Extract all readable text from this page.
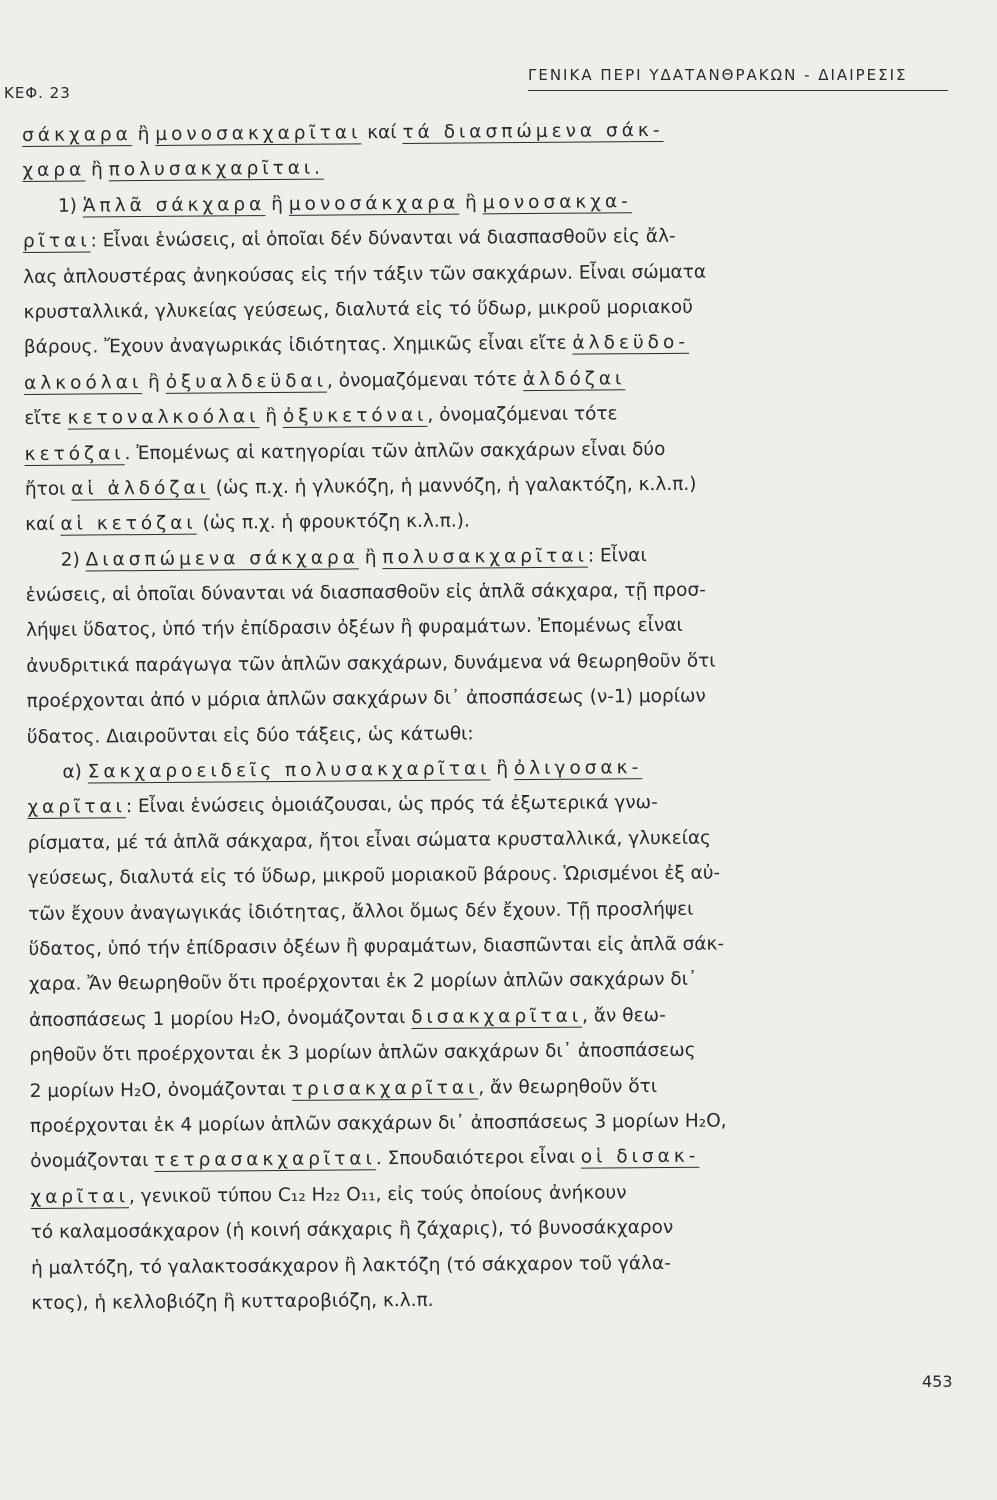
ΚΕΦ. 23
ΓΕΝΙΚΑ ΠΕΡΙ ΥΔΑΤΑΝΘΡΑΚΩΝ - ΔΙΑΙΡΕΣΙΣ
σάκχαρα ἢ μονοσακχαρῖται καί τά διασπώμενα σάκ-
χαρα ἢ πολυσακχαρῖται.
1) Ἁπλᾶ σάκχαρα ἢ μονοσάκχαρα ἢ μονοσακχα-
ρῖται: Εἶναι ἑνώσεις, αἱ ὁποῖαι δέν δύνανται νά διασπασθοῦν εἰς ἄλ-
λας ἁπλουστέρας ἀνηκούσας εἰς τήν τάξιν τῶν σακχάρων. Εἶναι σώματα
κρυσταλλικά, γλυκείας γεύσεως, διαλυτά εἰς τό ὕδωρ, μικροῦ μοριακοῦ
βάρους. Ἔχουν ἀναγωρικάς ἰδιότητας. Χημικῶς εἶναι εἴτε ἀλδεϋδο-
αλκοόλαι ἢ ὀξυαλδεϋδαι, ὀνομαζόμεναι τότε ἀλδόζαι
εἴτε κετοναλκοόλαι ἢ ὀξυκετόναι, ὀνομαζόμεναι τότε
κετόζαι. Ἐπομένως αἱ κατηγορίαι τῶν ἁπλῶν σακχάρων εἶναι δύο
ἤτοι αἱ ἀλδόζαι (ὡς π.χ. ἡ γλυκόζη, ἡ μαννόζη, ἡ γαλακτόζη, κ.λ.π.)
καί αἱ κετόζαι (ὡς π.χ. ἡ φρουκτόζη κ.λ.π.).
2) Διασπώμενα σάκχαρα ἢ πολυσακχαρῖται: Εἶναι
ἑνώσεις, αἱ ὁποῖαι δύνανται νά διασπασθοῦν εἰς ἁπλᾶ σάκχαρα, τῇ προσ-
λήψει ὕδατος, ὑπό τήν ἐπίδρασιν ὀξέων ἢ φυραμάτων. Ἐπομένως εἶναι
ἀνυδριτικά παράγωγα τῶν ἁπλῶν σακχάρων, δυνάμενα νά θεωρηθοῦν ὅτι
προέρχονται ἀπό ν μόρια ἁπλῶν σακχάρων δι᾽ ἀποσπάσεως (ν-1) μορίων
ὕδατος. Διαιροῦνται εἰς δύο τάξεις, ὡς κάτωθι:
α) Σακχαροειδεῖς πολυσακχαρῖται ἢ ὀλιγοσακ-
χαρῖται: Εἶναι ἑνώσεις ὁμοιάζουσαι, ὡς πρός τά ἐξωτερικά γνω-
ρίσματα, μέ τά ἁπλᾶ σάκχαρα, ἤτοι εἶναι σώματα κρυσταλλικά, γλυκείας
γεύσεως, διαλυτά εἰς τό ὕδωρ, μικροῦ μοριακοῦ βάρους. Ὡρισμένοι ἐξ αὐ-
τῶν ἔχουν ἀναγωγικάς ἰδιότητας, ἄλλοι ὅμως δέν ἔχουν. Τῇ προσλήψει
ὕδατος, ὑπό τήν ἐπίδρασιν ὀξέων ἢ φυραμάτων, διασπῶνται εἰς ἁπλᾶ σάκ-
χαρα. Ἄν θεωρηθοῦν ὅτι προέρχονται ἐκ 2 μορίων ἁπλῶν σακχάρων δι᾽
ἀποσπάσεως 1 μορίου H₂O, ὀνομάζονται δισακχαρῖται, ἄν θεω-
ρηθοῦν ὅτι προέρχονται ἐκ 3 μορίων ἁπλῶν σακχάρων δι᾽ ἀποσπάσεως
2 μορίων H₂O, ὀνομάζονται τρισακχαρῖται, ἄν θεωρηθοῦν ὅτι
προέρχονται ἐκ 4 μορίων ἁπλῶν σακχάρων δι᾽ ἀποσπάσεως 3 μορίων H₂O,
ὀνομάζονται τετρασακχαρῖται. Σπουδαιότεροι εἶναι οἱ δισακ-
χαρῖται, γενικοῦ τύπου C₁₂ H₂₂ O₁₁, εἰς τούς ὁποίους ἀνήκουν
τό καλαμοσάκχαρον (ἡ κοινή σάκχαρις ἢ ζάχαρις), τό βυνοσάκχαρον
ἡ μαλτόζη, τό γαλακτοσάκχαρον ἢ λακτόζη (τό σάκχαρον τοῦ γάλα-
κτος), ἡ κελλοβιόζη ἢ κυτταροβιόζη, κ.λ.π.
453
